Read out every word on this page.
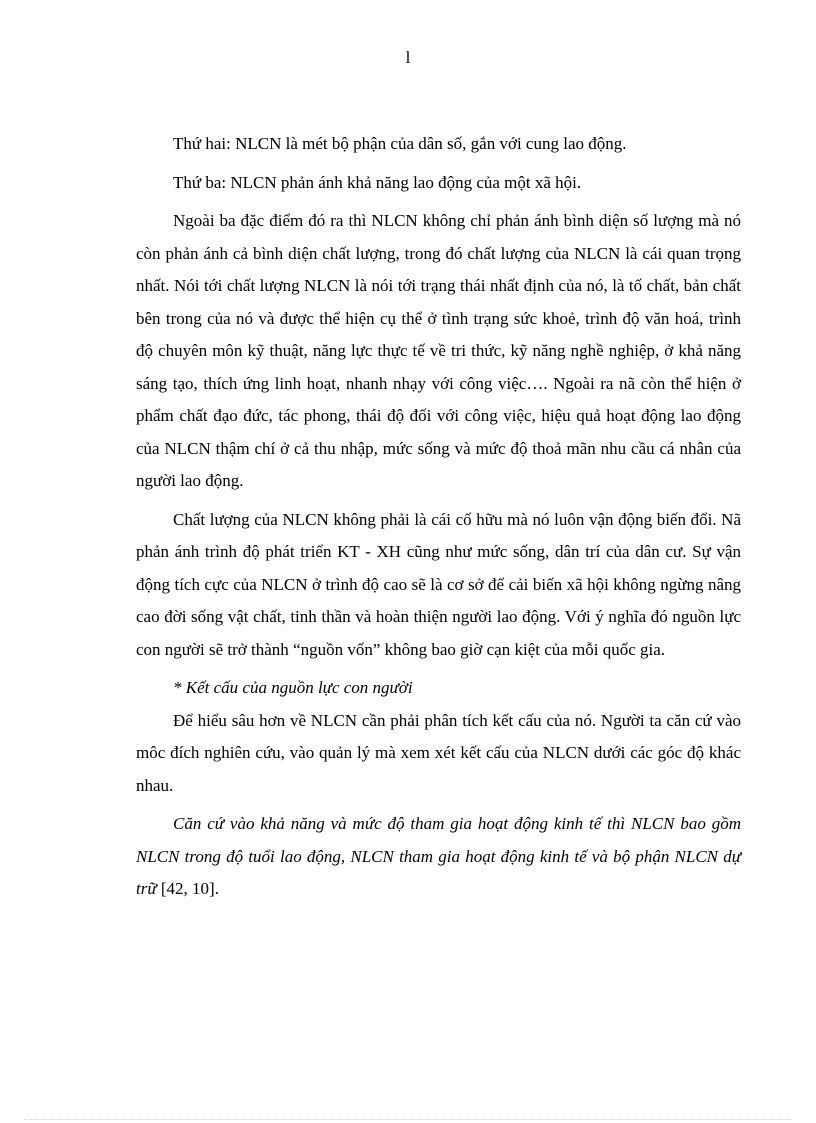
l

Thứ hai: NLCN là mét bộ phận của dân số, gắn với cung lao động.

Thứ ba: NLCN phản ánh khả năng lao động của một xã hội.

Ngoài ba đặc điểm đó ra thì NLCN không chỉ phản ánh bình diện số lượng mà nó còn phản ánh cả bình diện chất lượng, trong đó chất lượng của NLCN là cái quan trọng nhất. Nói tới chất lượng NLCN là nói tới trạng thái nhất định của nó, là tố chất, bản chất bên trong của nó và được thể hiện cụ thể ở tình trạng sức khoẻ, trình độ văn hoá, trình độ chuyên môn kỹ thuật, năng lực thực tế về tri thức, kỹ năng nghề nghiệp, ở khả năng sáng tạo, thích ứng linh hoạt, nhanh nhạy với công việc…. Ngoài ra nã còn thể hiện ở phẩm chất đạo đức, tác phong, thái độ đối với công việc, hiệu quả hoạt động lao động của NLCN thậm chí ở cả thu nhập, mức sống và mức độ thoả mãn nhu cầu cá nhân của người lao động.

Chất lượng của NLCN không phải là cái cố hữu mà nó luôn vận động biến đổi. Nã phản ánh trình độ phát triển KT - XH cũng như mức sống, dân trí của dân cư. Sự vận động tích cực của NLCN ở trình độ cao sẽ là cơ sở để cải biến xã hội không ngừng nâng cao đời sống vật chất, tinh thần và hoàn thiện người lao động. Với ý nghĩa đó nguồn lực con người sẽ trở thành “nguồn vốn” không bao giờ cạn kiệt của mỗi quốc gia.

* Kết cấu của nguồn lực con người

Để hiểu sâu hơn về NLCN cần phải phân tích kết cấu của nó. Người ta căn cứ vào môc đích nghiên cứu, vào quản lý mà xem xét kết cấu của NLCN dưới các góc độ khác nhau.

Căn cứ vào khả năng và mức độ tham gia hoạt động kinh tế thì NLCN bao gồm NLCN trong độ tuổi lao động, NLCN tham gia hoạt động kinh tế và bộ phận NLCN dự trữ [42, 10].
